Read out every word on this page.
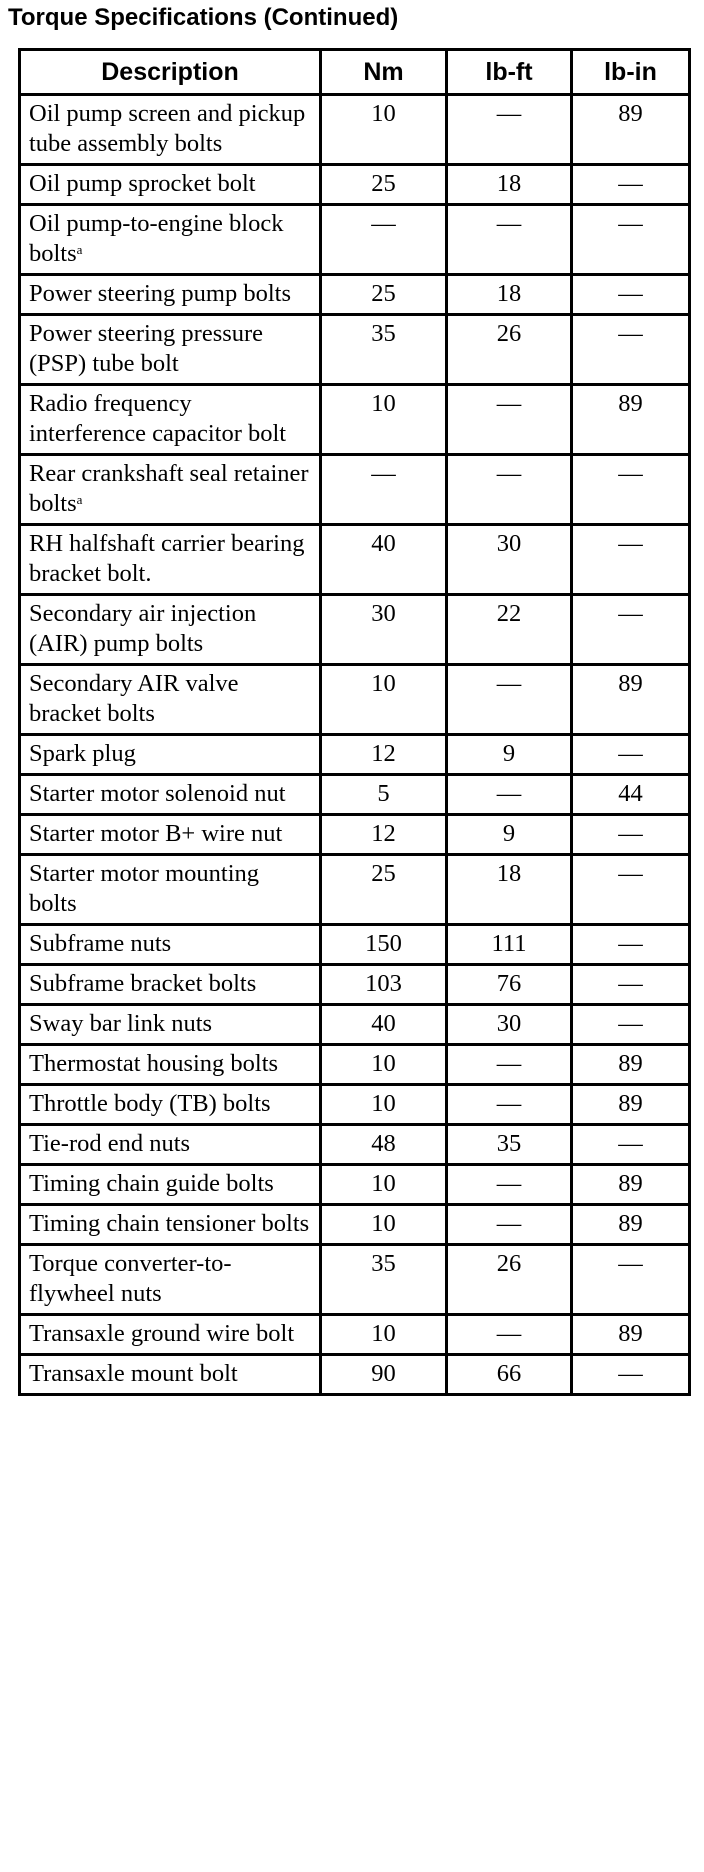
Torque Specifications (Continued)
Description	Nm	lb-ft	lb-in
Oil pump screen and pickup tube assembly bolts	10	—	89
Oil pump sprocket bolt	25	18	—
Oil pump-to-engine block bolts$^a$	—	—	—
Power steering pump bolts	25	18	—
Power steering pressure (PSP) tube bolt	35	26	—
Radio frequency interference capacitor bolt	10	—	89
Rear crankshaft seal retainer bolts$^a$	—	—	—
RH halfshaft carrier bearing bracket bolt.	40	30	—
Secondary air injection (AIR) pump bolts	30	22	—
Secondary AIR valve bracket bolts	10	—	89
Spark plug	12	9	—
Starter motor solenoid nut	5	—	44
Starter motor B+ wire nut	12	9	—
Starter motor mounting bolts	25	18	—
Subframe nuts	150	111	—
Subframe bracket bolts	103	76	—
Sway bar link nuts	40	30	—
Thermostat housing bolts	10	—	89
Throttle body (TB) bolts	10	—	89
Tie-rod end nuts	48	35	—
Timing chain guide bolts	10	—	89
Timing chain tensioner bolts	10	—	89
Torque converter-to-flywheel nuts	35	26	—
Transaxle ground wire bolt	10	—	89
Transaxle mount bolt	90	66	—
